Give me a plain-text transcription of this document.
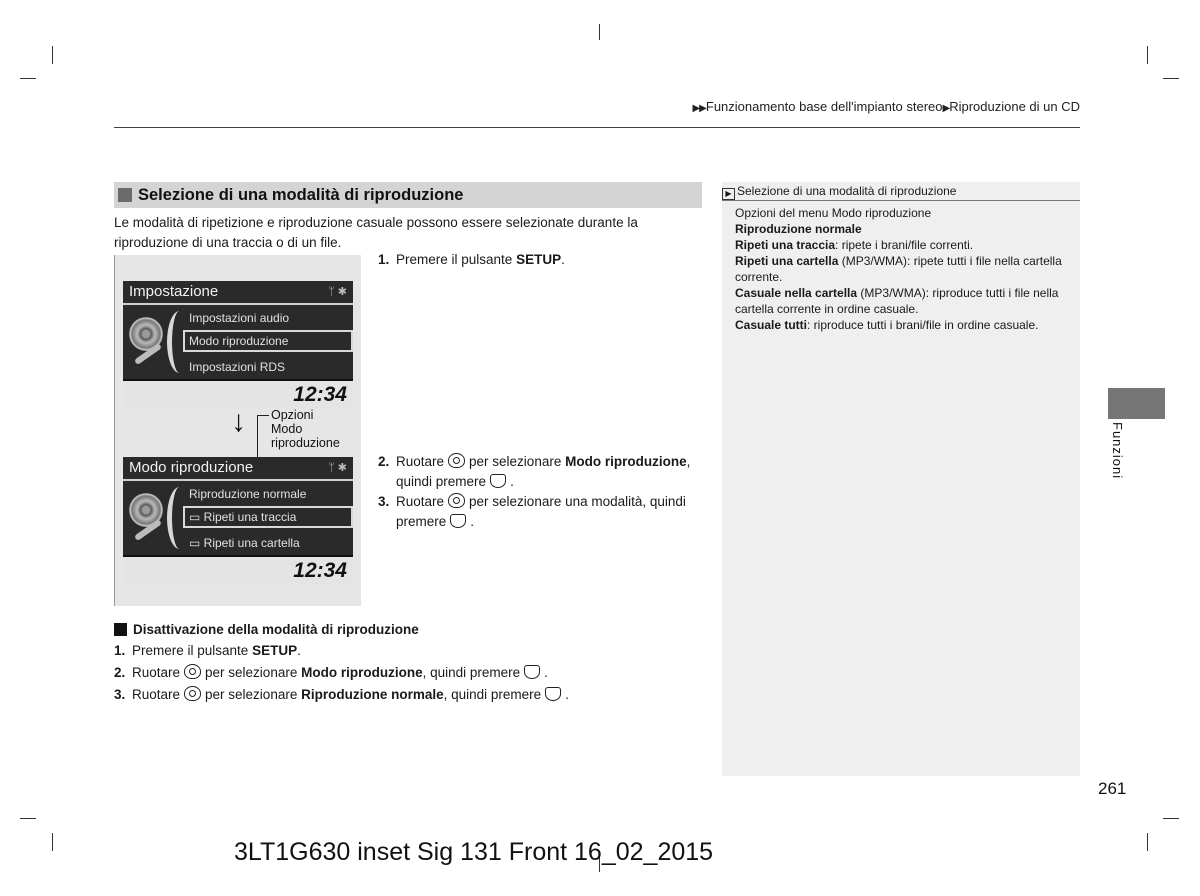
▶▶Funzionamento base dell'impianto stereo▶Riproduzione di un CD
Selezione di una modalità di riproduzione
Le modalità di ripetizione e riproduzione casuale possono essere selezionate durante la riproduzione di una traccia o di un file.
Impostazione	ᛘ ✱
Impostazioni audio
Modo riproduzione
Impostazioni RDS
12:34
↓ Opzioni
Modo
riproduzione
Modo riproduzione	ᛘ ✱
Riproduzione normale
▭ Ripeti una traccia
▭ Ripeti una cartella
12:34
1. Premere il pulsante SETUP.
2. Ruotare per selezionare Modo riproduzione, quindi premere .
3. Ruotare per selezionare una modalità, quindi premere .
Disattivazione della modalità di riproduzione
1. Premere il pulsante SETUP.
2. Ruotare per selezionare Modo riproduzione, quindi premere .
3. Ruotare per selezionare Riproduzione normale, quindi premere .
▶ Selezione di una modalità di riproduzione
Opzioni del menu Modo riproduzione
Riproduzione normale
Ripeti una traccia: ripete i brani/file correnti.
Ripeti una cartella (MP3/WMA): ripete tutti i file nella cartella corrente.
Casuale nella cartella (MP3/WMA): riproduce tutti i file nella cartella corrente in ordine casuale.
Casuale tutti: riproduce tutti i brani/file in ordine casuale.
Funzioni
261
3LT1G630 inset Sig 131 Front 16_02_2015
